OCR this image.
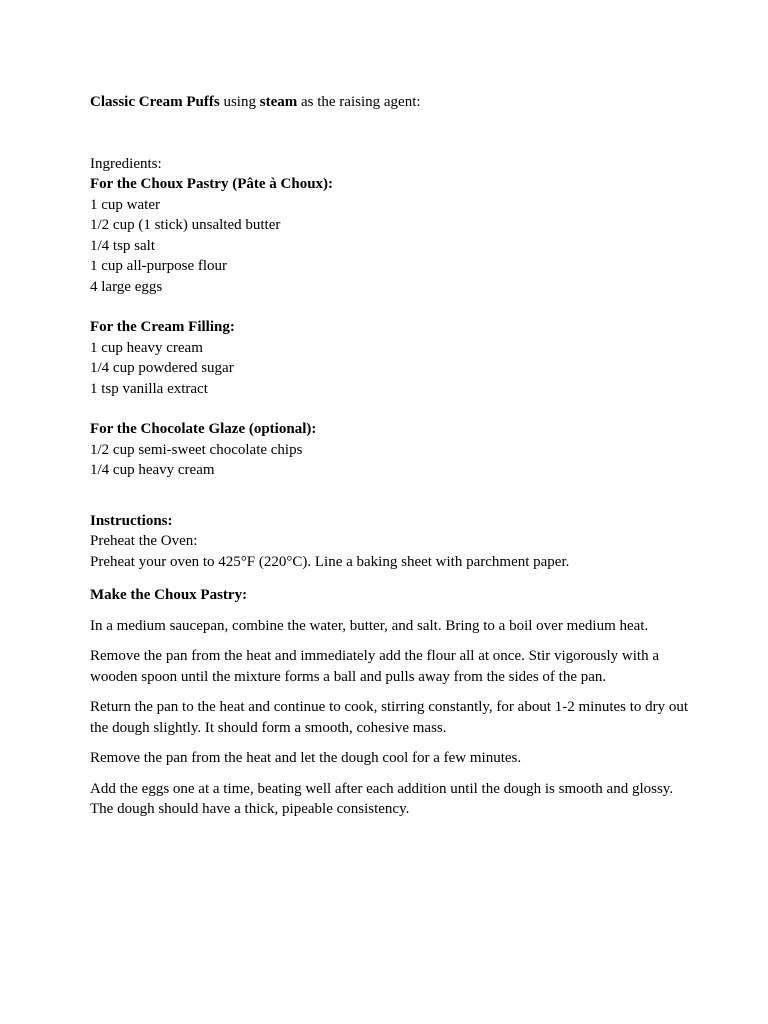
Classic Cream Puffs using steam as the raising agent:

Ingredients:
For the Choux Pastry (Pâte à Choux):
1 cup water
1/2 cup (1 stick) unsalted butter
1/4 tsp salt
1 cup all-purpose flour
4 large eggs
For the Cream Filling:
1 cup heavy cream
1/4 cup powdered sugar
1 tsp vanilla extract
For the Chocolate Glaze (optional):
1/2 cup semi-sweet chocolate chips
1/4 cup heavy cream
Instructions:
Preheat the Oven:
Preheat your oven to 425°F (220°C). Line a baking sheet with parchment paper.

Make the Choux Pastry:

In a medium saucepan, combine the water, butter, and salt. Bring to a boil over medium heat.

Remove the pan from the heat and immediately add the flour all at once. Stir vigorously with a wooden spoon until the mixture forms a ball and pulls away from the sides of the pan.

Return the pan to the heat and continue to cook, stirring constantly, for about 1-2 minutes to dry out the dough slightly. It should form a smooth, cohesive mass.

Remove the pan from the heat and let the dough cool for a few minutes.

Add the eggs one at a time, beating well after each addition until the dough is smooth and glossy. The dough should have a thick, pipeable consistency.
